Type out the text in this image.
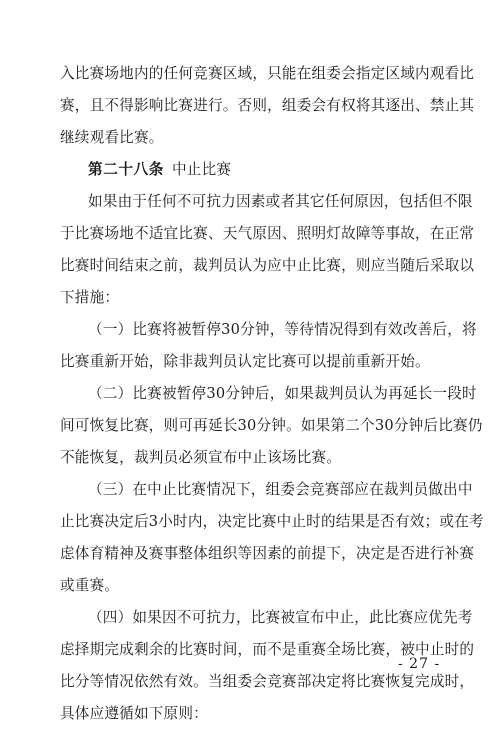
入比赛场地内的任何竞赛区域，只能在组委会指定区域内观看比
赛，且不得影响比赛进行。否则，组委会有权将其逐出、禁止其
继续观看比赛。
第二十八条 中止比赛
如果由于任何不可抗力因素或者其它任何原因，包括但不限
于比赛场地不适宜比赛、天气原因、照明灯故障等事故，在正常
比赛时间结束之前，裁判员认为应中止比赛，则应当随后采取以
下措施：
（一）比赛将被暂停30分钟，等待情况得到有效改善后，将
比赛重新开始，除非裁判员认定比赛可以提前重新开始。
（二）比赛被暂停30分钟后，如果裁判员认为再延长一段时
间可恢复比赛，则可再延长30分钟。如果第二个30分钟后比赛仍
不能恢复，裁判员必须宣布中止该场比赛。
（三）在中止比赛情况下，组委会竞赛部应在裁判员做出中
止比赛决定后3小时内，决定比赛中止时的结果是否有效；或在考
虑体育精神及赛事整体组织等因素的前提下，决定是否进行补赛
或重赛。
（四）如果因不可抗力，比赛被宣布中止，此比赛应优先考
虑择期完成剩余的比赛时间，而不是重赛全场比赛，被中止时的
比分等情况依然有效。当组委会竞赛部决定将比赛恢复完成时，
具体应遵循如下原则：
- 27 -
